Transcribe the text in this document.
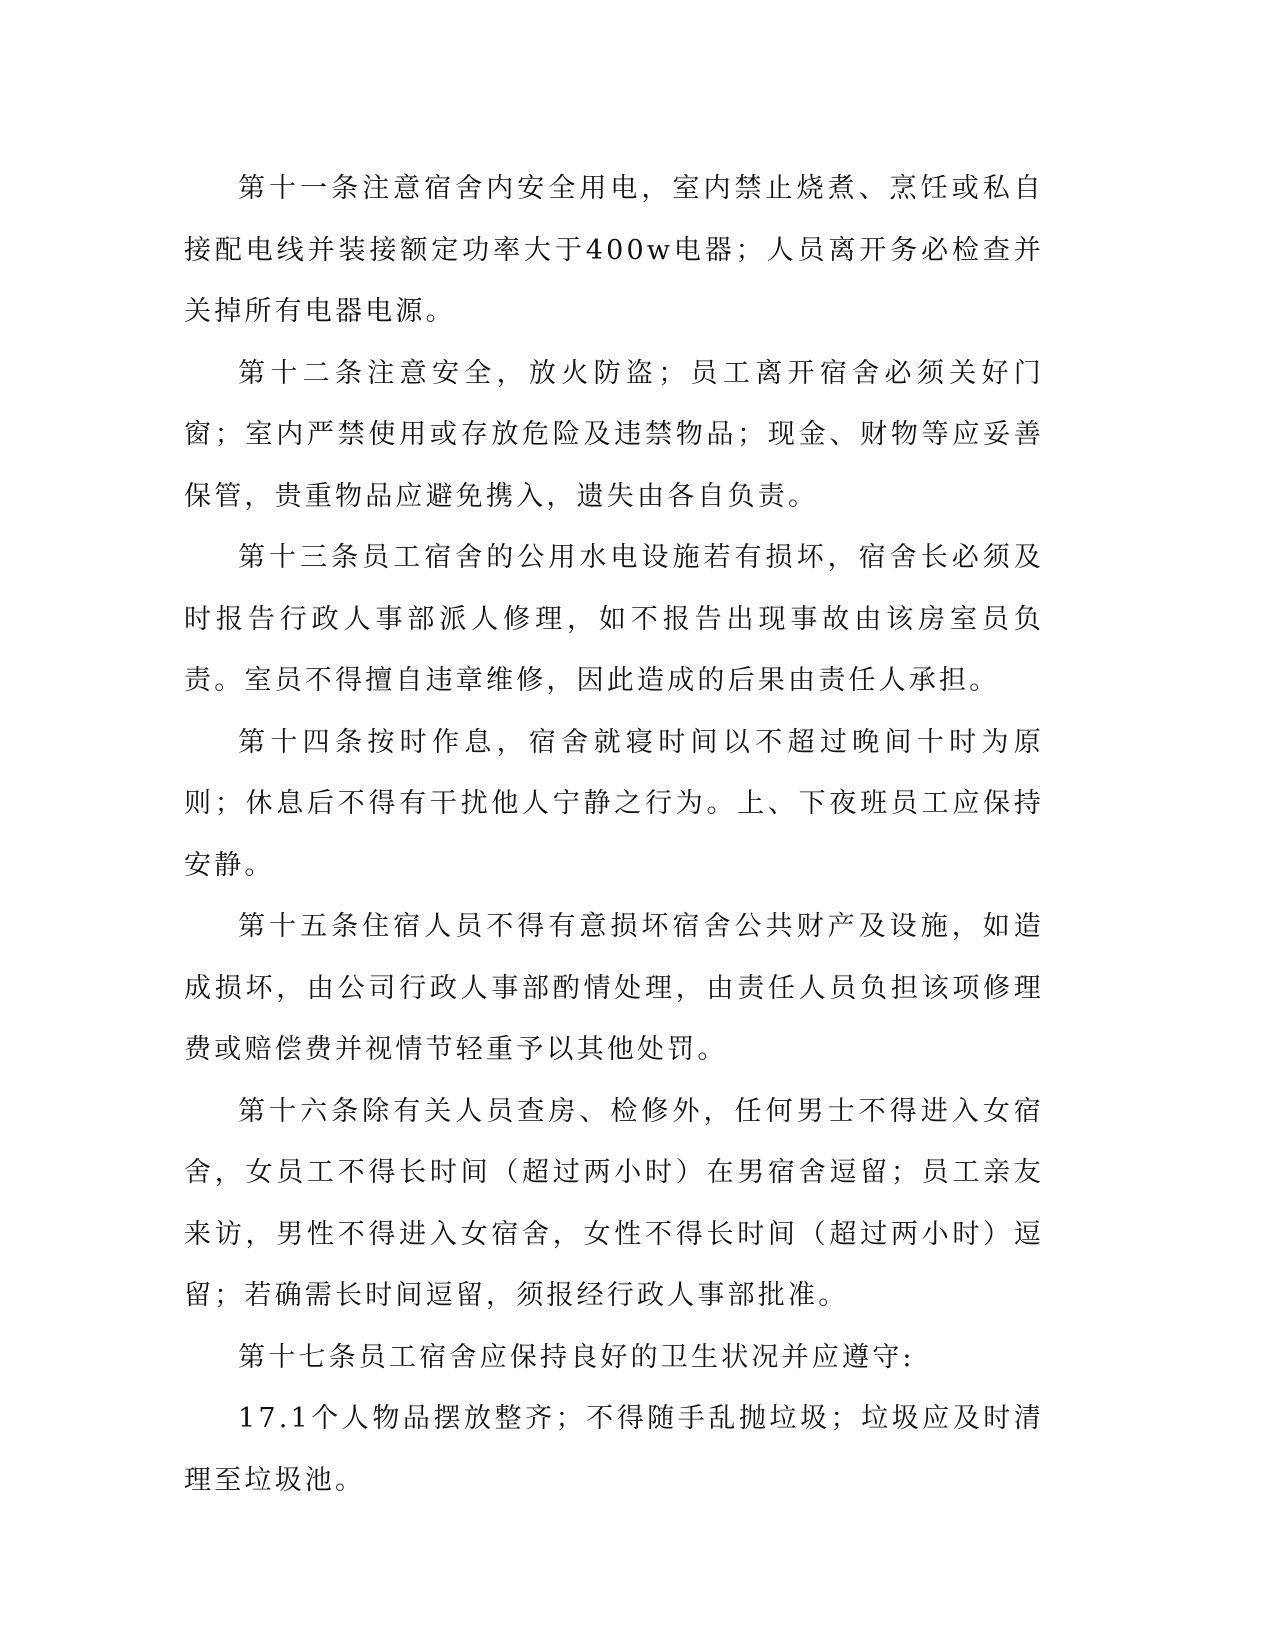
第十一条注意宿舍内安全用电，室内禁止烧煮、烹饪或私自接配电线并装接额定功率大于400w电器；人员离开务必检查并关掉所有电器电源。

第十二条注意安全，放火防盗；员工离开宿舍必须关好门窗；室内严禁使用或存放危险及违禁物品；现金、财物等应妥善保管，贵重物品应避免携入，遗失由各自负责。

第十三条员工宿舍的公用水电设施若有损坏，宿舍长必须及时报告行政人事部派人修理，如不报告出现事故由该房室员负责。室员不得擅自违章维修，因此造成的后果由责任人承担。

第十四条按时作息，宿舍就寝时间以不超过晚间十时为原则；休息后不得有干扰他人宁静之行为。上、下夜班员工应保持安静。

第十五条住宿人员不得有意损坏宿舍公共财产及设施，如造成损坏，由公司行政人事部酌情处理，由责任人员负担该项修理费或赔偿费并视情节轻重予以其他处罚。

第十六条除有关人员查房、检修外，任何男士不得进入女宿舍，女员工不得长时间（超过两小时）在男宿舍逗留；员工亲友来访，男性不得进入女宿舍，女性不得长时间（超过两小时）逗留；若确需长时间逗留，须报经行政人事部批准。

第十七条员工宿舍应保持良好的卫生状况并应遵守:

17.1个人物品摆放整齐；不得随手乱抛垃圾；垃圾应及时清理至垃圾池。
